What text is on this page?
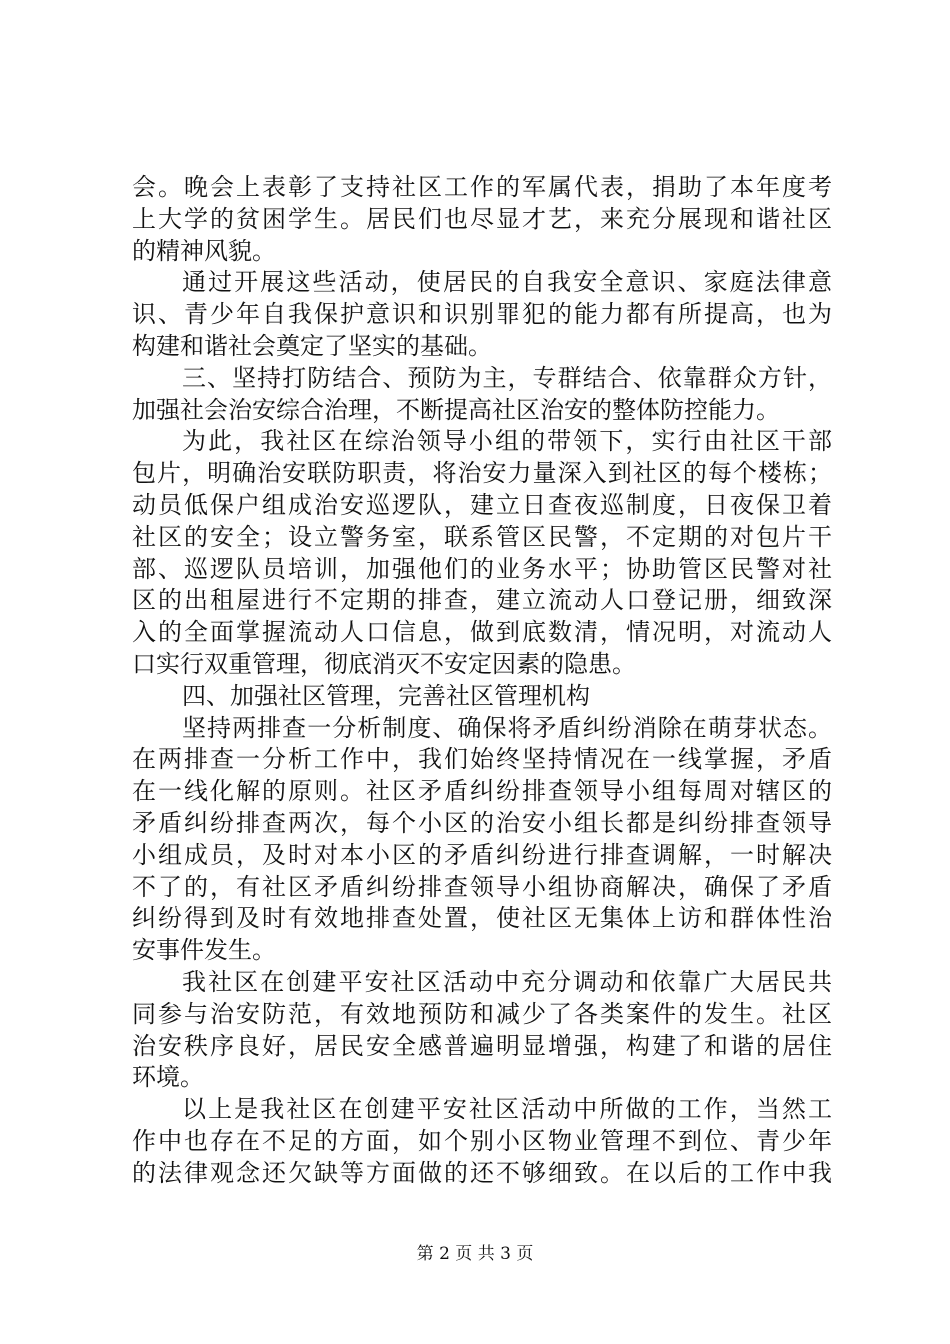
会。晚会上表彰了支持社区工作的军属代表，捐助了本年度考
上大学的贫困学生。居民们也尽显才艺，来充分展现和谐社区
的精神风貌。
通过开展这些活动，使居民的自我安全意识、家庭法律意
识、青少年自我保护意识和识别罪犯的能力都有所提高，也为
构建和谐社会奠定了坚实的基础。
三、坚持打防结合、预防为主，专群结合、依靠群众方针，
加强社会治安综合治理，不断提高社区治安的整体防控能力。
为此，我社区在综治领导小组的带领下，实行由社区干部
包片，明确治安联防职责，将治安力量深入到社区的每个楼栋；
动员低保户组成治安巡逻队，建立日查夜巡制度，日夜保卫着
社区的安全；设立警务室，联系管区民警，不定期的对包片干
部、巡逻队员培训，加强他们的业务水平；协助管区民警对社
区的出租屋进行不定期的排查，建立流动人口登记册，细致深
入的全面掌握流动人口信息，做到底数清，情况明，对流动人
口实行双重管理，彻底消灭不安定因素的隐患。
四、加强社区管理，完善社区管理机构
坚持两排查一分析制度、确保将矛盾纠纷消除在萌芽状态。
在两排查一分析工作中，我们始终坚持情况在一线掌握，矛盾
在一线化解的原则。社区矛盾纠纷排查领导小组每周对辖区的
矛盾纠纷排查两次，每个小区的治安小组长都是纠纷排查领导
小组成员，及时对本小区的矛盾纠纷进行排查调解，一时解决
不了的，有社区矛盾纠纷排查领导小组协商解决，确保了矛盾
纠纷得到及时有效地排查处置，使社区无集体上访和群体性治
安事件发生。
我社区在创建平安社区活动中充分调动和依靠广大居民共
同参与治安防范，有效地预防和减少了各类案件的发生。社区
治安秩序良好，居民安全感普遍明显增强，构建了和谐的居住
环境。
以上是我社区在创建平安社区活动中所做的工作，当然工
作中也存在不足的方面，如个别小区物业管理不到位、青少年
的法律观念还欠缺等方面做的还不够细致。在以后的工作中我
第 2 页 共 3 页
